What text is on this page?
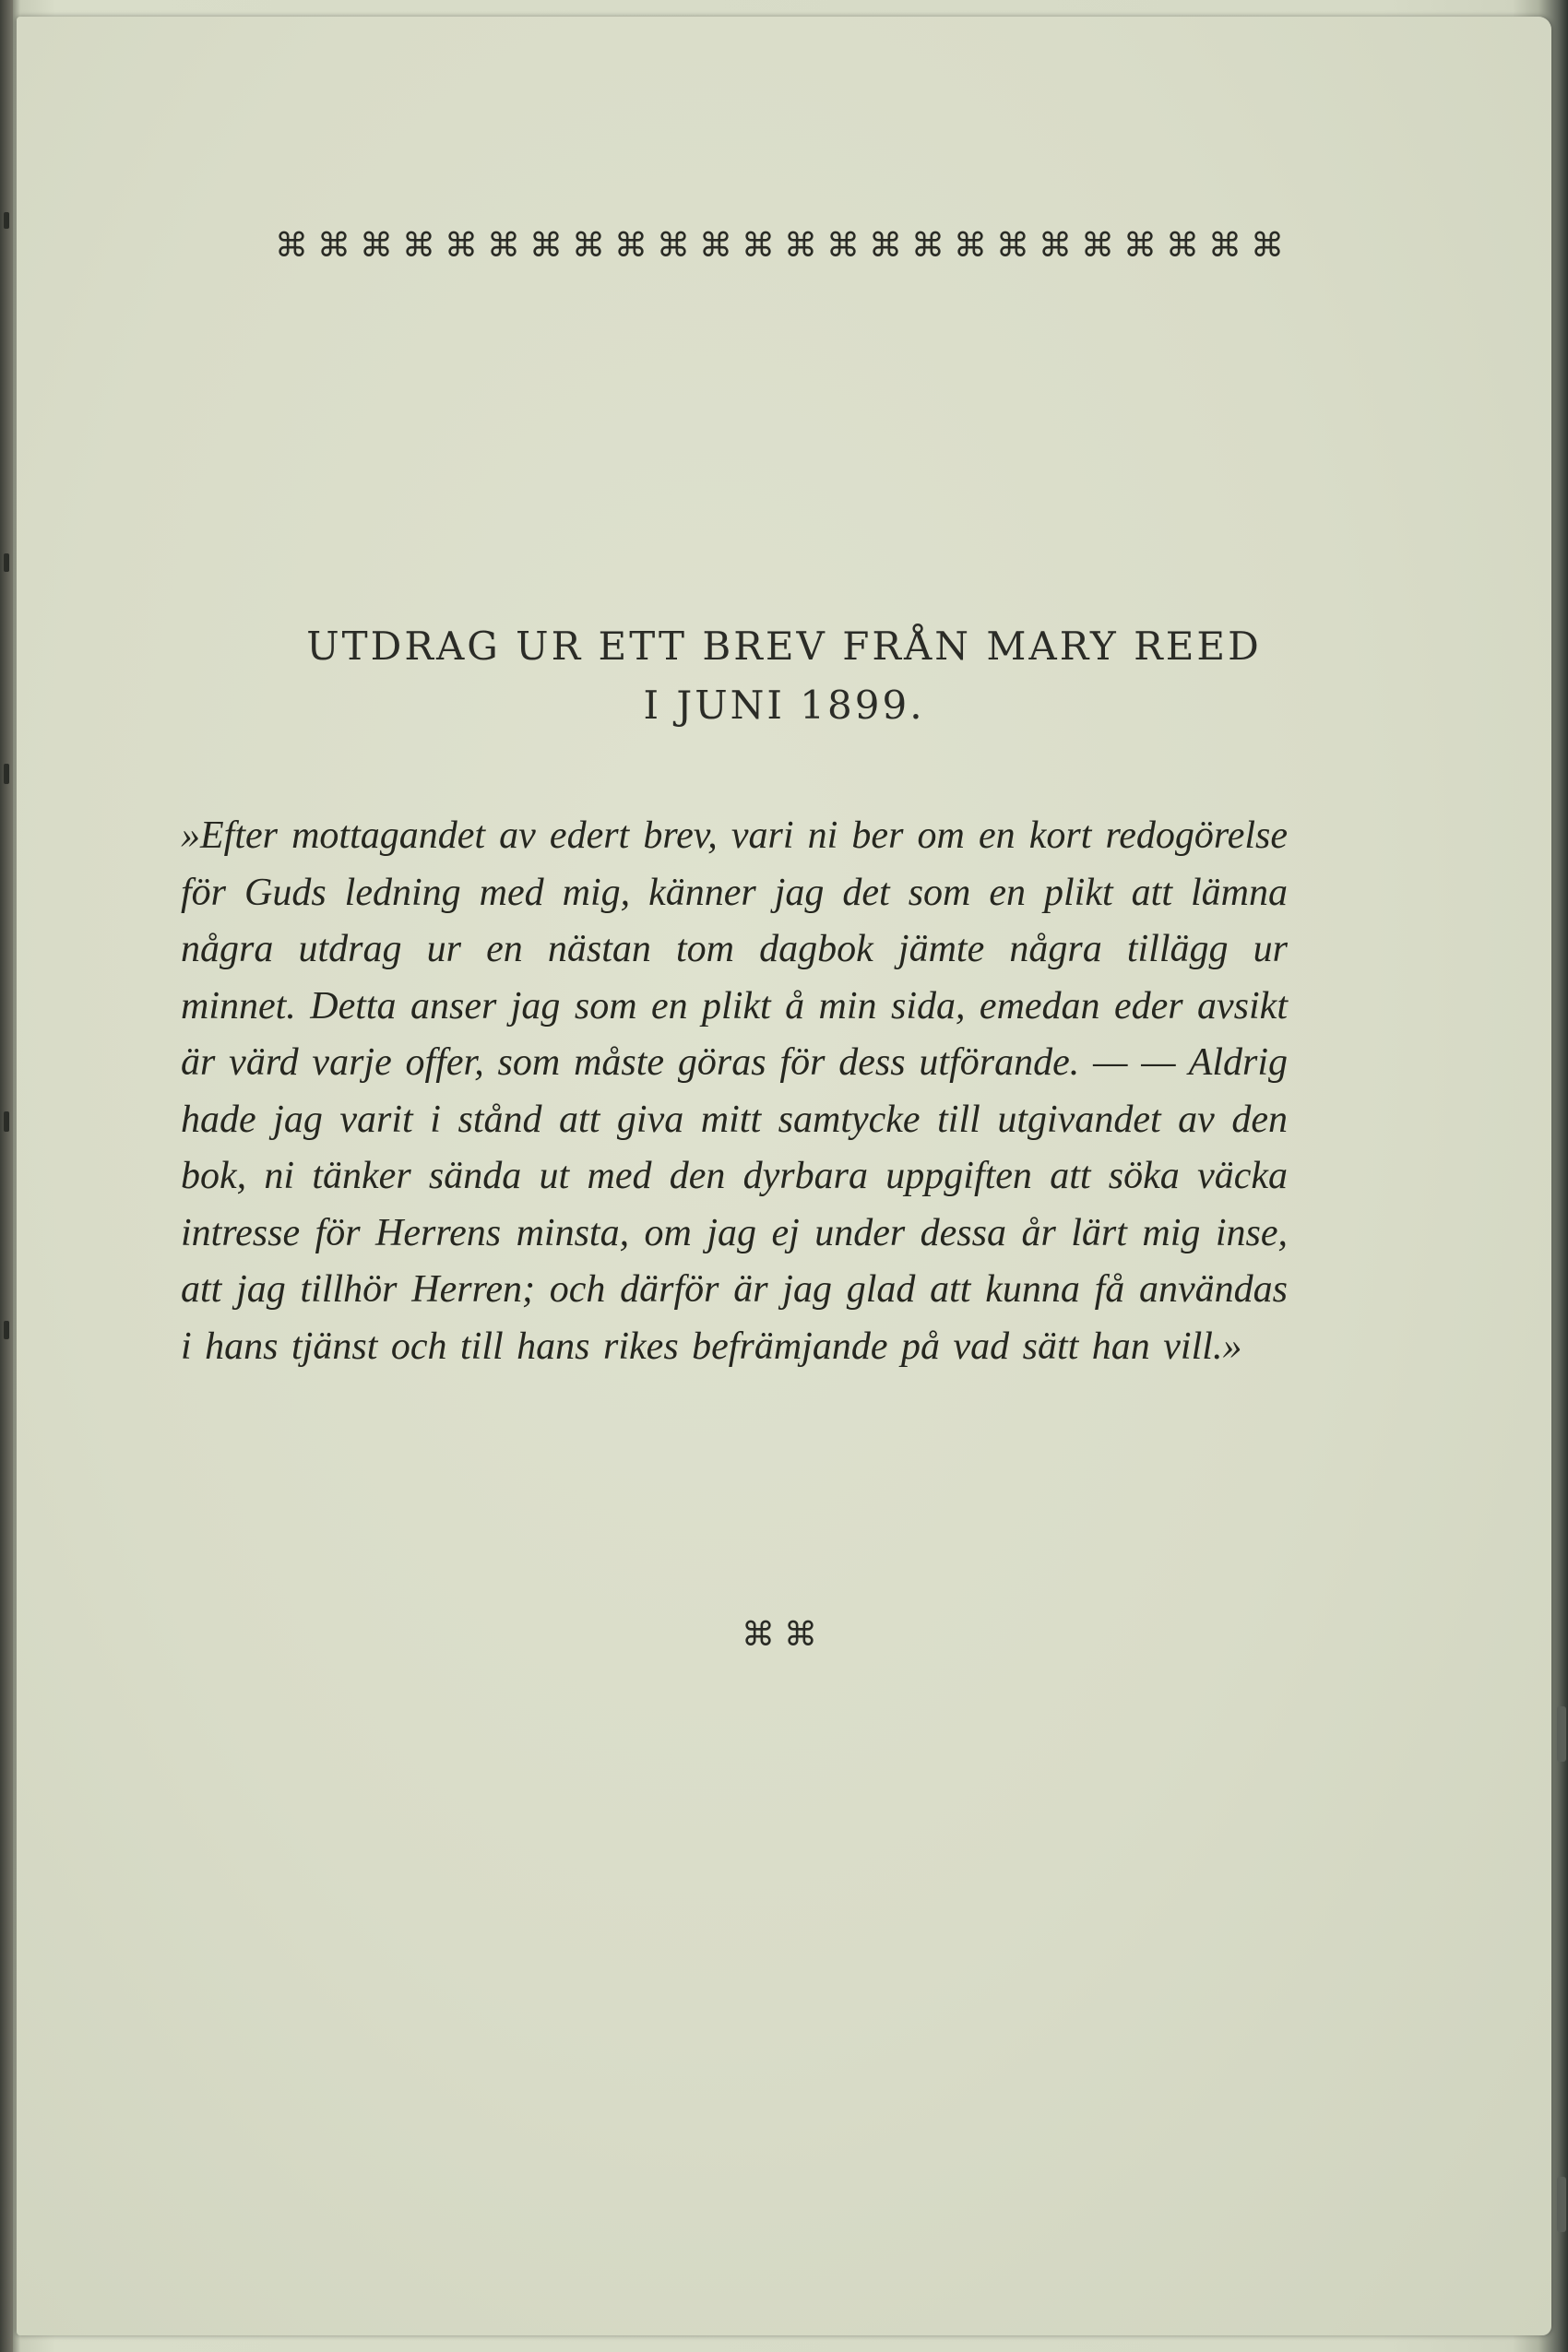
⌘⌘⌘⌘⌘⌘⌘⌘⌘⌘⌘⌘⌘⌘⌘⌘⌘⌘⌘⌘⌘⌘⌘⌘
UTDRAG UR ETT BREV FRÅN MARY REED
I JUNI 1899.
»Efter mottagandet av edert brev, vari ni ber om en kort redogörelse för Guds ledning med mig, känner jag det som en plikt att lämna några utdrag ur en nästan tom dagbok jämte några tillägg ur minnet. Detta anser jag som en plikt å min sida, emedan eder avsikt är värd varje offer, som måste göras för dess utförande. — — Aldrig hade jag varit i stånd att giva mitt samtycke till utgivandet av den bok, ni tänker sända ut med den dyrbara uppgiften att söka väcka intresse för Herrens minsta, om jag ej under dessa år lärt mig inse, att jag tillhör Herren; och därför är jag glad att kunna få användas i hans tjänst och till hans rikes befrämjande på vad sätt han vill.»
⌘⌘
